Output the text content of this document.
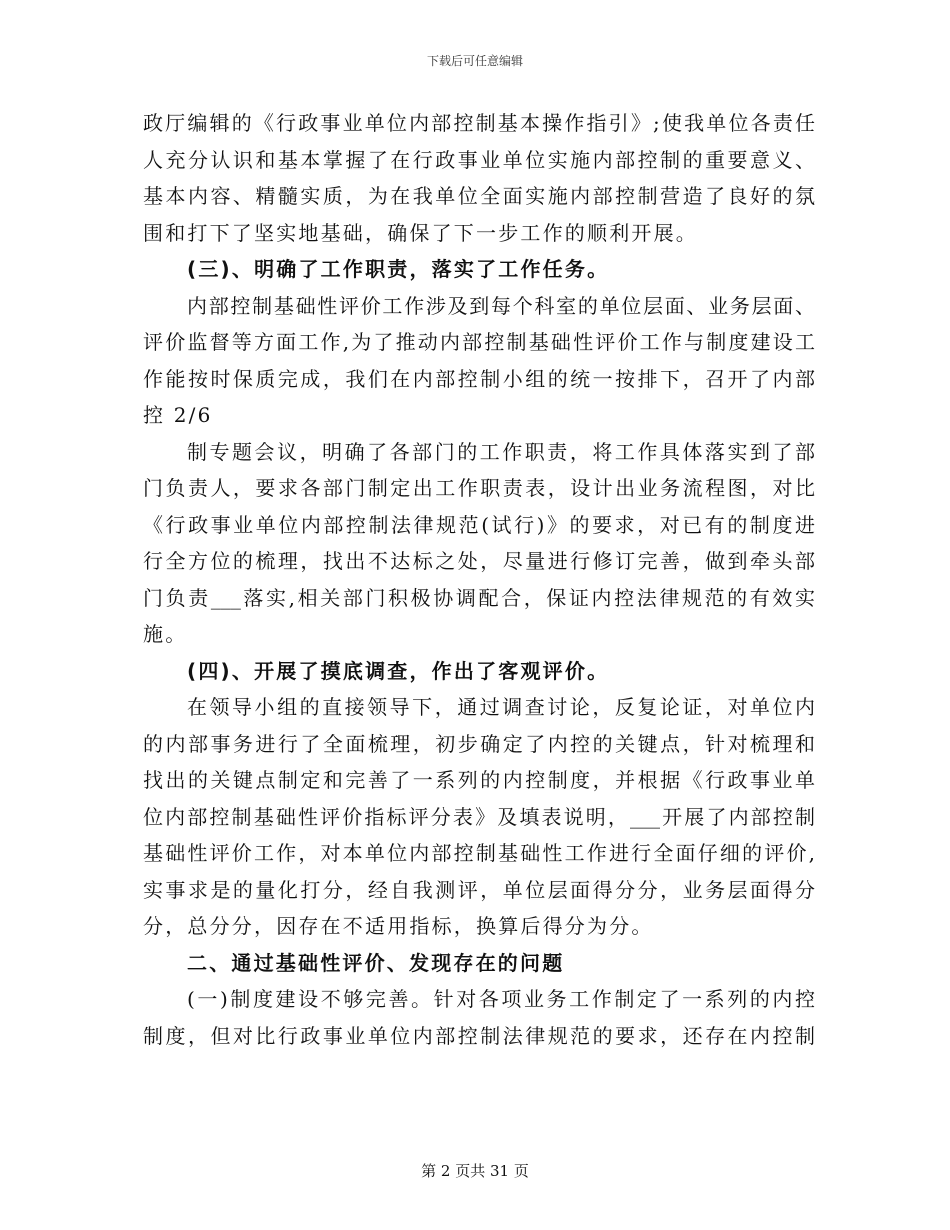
下载后可任意编辑
政厅编辑的《行政事业单位内部控制基本操作指引》;使我单位各责任
人充分认识和基本掌握了在行政事业单位实施内部控制的重要意义、
基本内容、精髓实质，为在我单位全面实施内部控制营造了良好的氛
围和打下了坚实地基础，确保了下一步工作的顺利开展。
(三)、明确了工作职责，落实了工作任务。
内部控制基础性评价工作涉及到每个科室的单位层面、业务层面、
评价监督等方面工作,为了推动内部控制基础性评价工作与制度建设工
作能按时保质完成，我们在内部控制小组的统一按排下，召开了内部
控 2/6
制专题会议，明确了各部门的工作职责，将工作具体落实到了部
门负责人，要求各部门制定出工作职责表，设计出业务流程图，对比
《行政事业单位内部控制法律规范(试行)》的要求，对已有的制度进
行全方位的梳理，找出不达标之处，尽量进行修订完善，做到牵头部
门负责___落实,相关部门积极协调配合，保证内控法律规范的有效实
施。
(四)、开展了摸底调查，作出了客观评价。
在领导小组的直接领导下，通过调查讨论，反复论证，对单位内
的内部事务进行了全面梳理，初步确定了内控的关键点，针对梳理和
找出的关键点制定和完善了一系列的内控制度，并根据《行政事业单
位内部控制基础性评价指标评分表》及填表说明，___开展了内部控制
基础性评价工作，对本单位内部控制基础性工作进行全面仔细的评价,
实事求是的量化打分，经自我测评，单位层面得分分，业务层面得分
分，总分分，因存在不适用指标，换算后得分为分。
二、通过基础性评价、发现存在的问题
(一)制度建设不够完善。针对各项业务工作制定了一系列的内控
制度，但对比行政事业单位内部控制法律规范的要求，还存在内控制
第 2 页共 31 页
